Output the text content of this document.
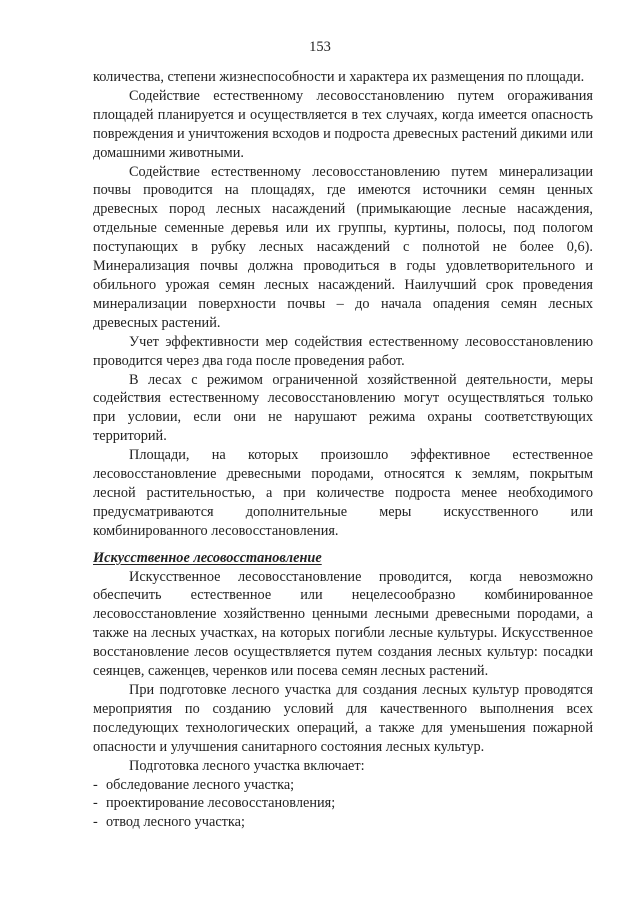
153

количества, степени жизнеспособности и характера их размещения по площади.

Содействие естественному лесовосстановлению путем огораживания площадей планируется и осуществляется в тех случаях, когда имеется опасность повреждения и уничтожения всходов и подроста древесных растений дикими или домашними животными.

Содействие естественному лесовосстановлению путем минерализации почвы проводится на площадях, где имеются источники семян ценных древесных пород лесных насаждений (примыкающие лесные насаждения, отдельные семенные деревья или их группы, куртины, полосы, под пологом поступающих в рубку лесных насаждений с полнотой не более 0,6). Минерализация почвы должна проводиться в годы удовлетворительного и обильного урожая семян лесных насаждений. Наилучший срок проведения минерализации поверхности почвы – до начала опадения семян лесных древесных растений.

Учет эффективности мер содействия естественному лесовосстановлению проводится через два года после проведения работ.

В лесах с режимом ограниченной хозяйственной деятельности, меры содействия естественному лесовосстановлению могут осуществляться только при условии, если они не нарушают режима охраны соответствующих территорий.

Площади, на которых произошло эффективное естественное лесовосстановление древесными породами, относятся к землям, покрытым лесной растительностью, а при количестве подроста менее необходимого предусматриваются дополнительные меры искусственного или комбинированного лесовосстановления.

Искусственное лесовосстановление

Искусственное лесовосстановление проводится, когда невозможно обеспечить естественное или нецелесообразно комбинированное лесовосстановление хозяйственно ценными лесными древесными породами, а также на лесных участках, на которых погибли лесные культуры. Искусственное восстановление лесов осуществляется путем создания лесных культур: посадки сеянцев, саженцев, черенков или посева семян лесных растений.

При подготовке лесного участка для создания лесных культур проводятся мероприятия по созданию условий для качественного выполнения всех последующих технологических операций, а также для уменьшения пожарной опасности и улучшения санитарного состояния лесных культур.

Подготовка лесного участка включает:

- обследование лесного участка;
- проектирование лесовосстановления;
- отвод лесного участка;
